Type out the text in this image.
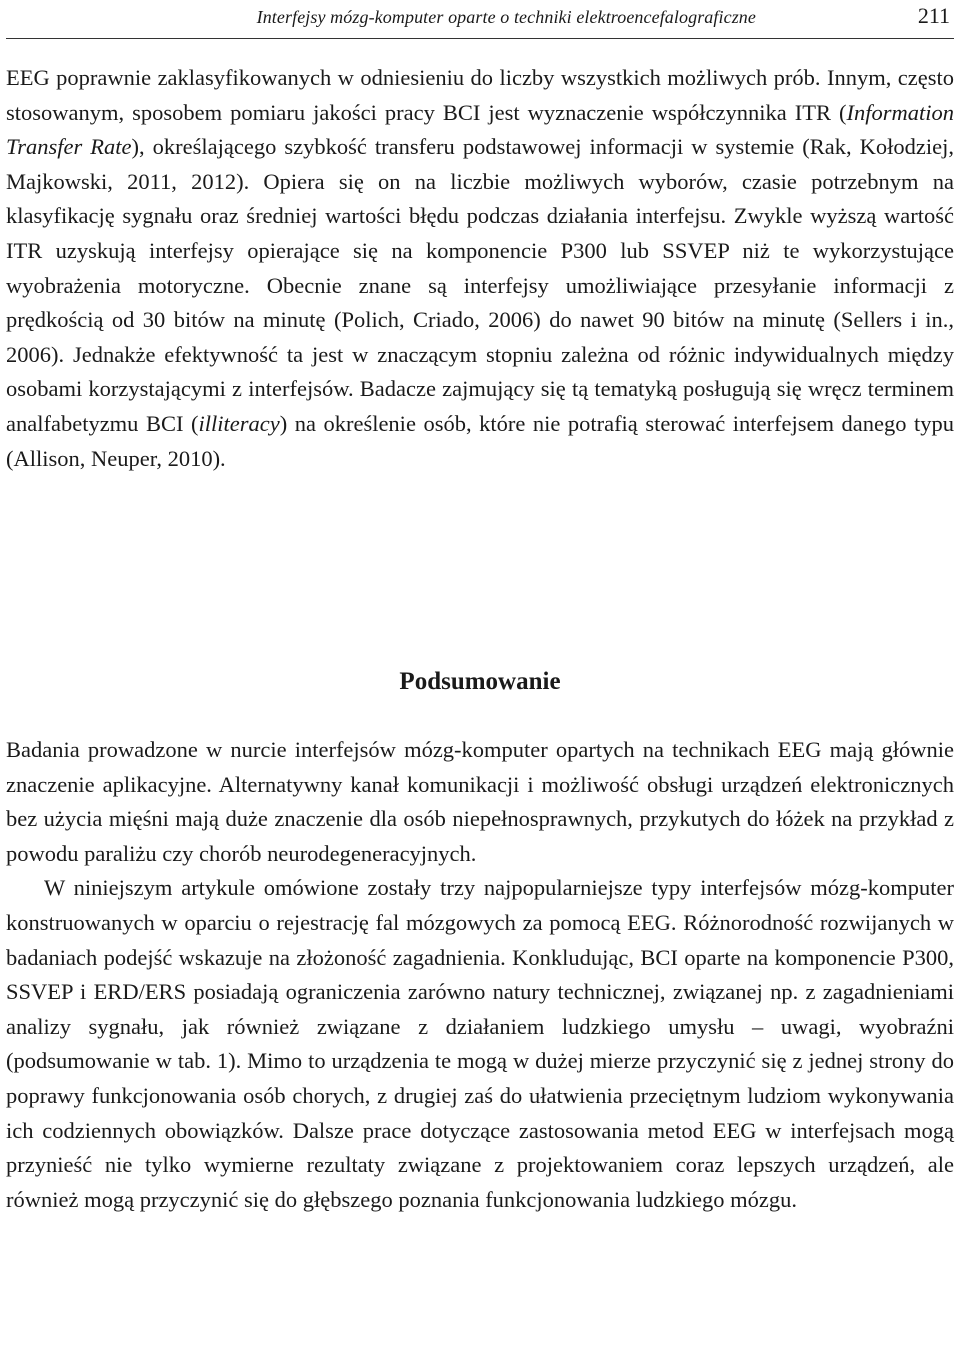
Interfejsy mózg-komputer oparte o techniki elektroencefalograficzne	211

EEG poprawnie zaklasyfikowanych w odniesieniu do liczby wszystkich możliwych prób. Innym, często stosowanym, sposobem pomiaru jakości pracy BCI jest wyznaczenie współczynnika ITR (Information Transfer Rate), określającego szybkość transferu podstawowej informacji w systemie (Rak, Kołodziej, Majkowski, 2011, 2012). Opiera się on na liczbie możliwych wyborów, czasie potrzebnym na klasyfikację sygnału oraz średniej wartości błędu podczas działania interfejsu. Zwykle wyższą wartość ITR uzyskują interfejsy opierające się na komponencie P300 lub SSVEP niż te wykorzystujące wyobrażenia motoryczne. Obecnie znane są interfejsy umożliwiające przesyłanie informacji z prędkością od 30 bitów na minutę (Polich, Criado, 2006) do nawet 90 bitów na minutę (Sellers i in., 2006). Jednakże efektywność ta jest w znaczącym stopniu zależna od różnic indywidualnych między osobami korzystającymi z interfejsów. Badacze zajmujący się tą tematyką posługują się wręcz terminem analfabetyzmu BCI (illiteracy) na określenie osób, które nie potrafią sterować interfejsem danego typu (Allison, Neuper, 2010).

Podsumowanie

Badania prowadzone w nurcie interfejsów mózg-komputer opartych na technikach EEG mają głównie znaczenie aplikacyjne. Alternatywny kanał komunikacji i możliwość obsługi urządzeń elektronicznych bez użycia mięśni mają duże znaczenie dla osób niepełnosprawnych, przykutych do łóżek na przykład z powodu paraliżu czy chorób neurodegeneracyjnych.

W niniejszym artykule omówione zostały trzy najpopularniejsze typy interfejsów mózg-komputer konstruowanych w oparciu o rejestrację fal mózgowych za pomocą EEG. Różnorodność rozwijanych w badaniach podejść wskazuje na złożoność zagadnienia. Konkludując, BCI oparte na komponencie P300, SSVEP i ERD/ERS posiadają ograniczenia zarówno natury technicznej, związanej np. z zagadnieniami analizy sygnału, jak również związane z działaniem ludzkiego umysłu – uwagi, wyobraźni (podsumowanie w tab. 1). Mimo to urządzenia te mogą w dużej mierze przyczynić się z jednej strony do poprawy funkcjonowania osób chorych, z drugiej zaś do ułatwienia przeciętnym ludziom wykonywania ich codziennych obowiązków. Dalsze prace dotyczące zastosowania metod EEG w interfejsach mogą przynieść nie tylko wymierne rezultaty związane z projektowaniem coraz lepszych urządzeń, ale również mogą przyczynić się do głębszego poznania funkcjonowania ludzkiego mózgu.
